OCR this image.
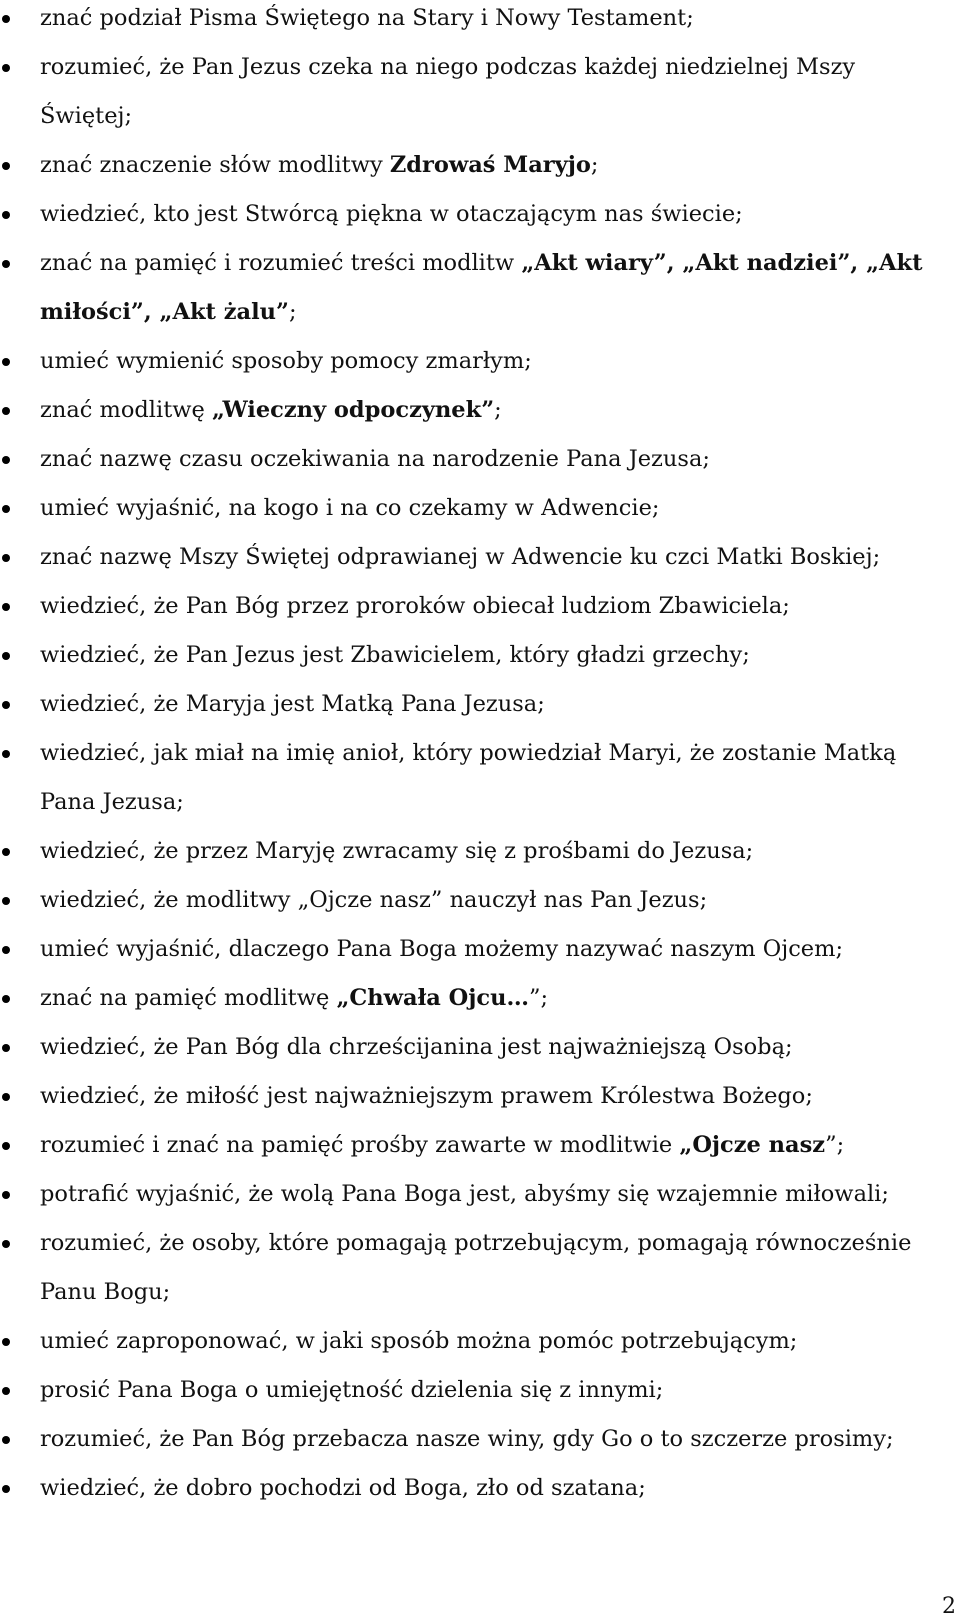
znać podział Pisma Świętego na Stary i Nowy Testament;
rozumieć, że Pan Jezus czeka na niego podczas każdej niedzielnej Mszy Świętej;
znać znaczenie słów modlitwy Zdrowaś Maryjo;
wiedzieć, kto jest Stwórcą piękna w otaczającym nas świecie;
znać na pamięć i rozumieć treści modlitw „Akt wiary”, „Akt nadziei”, „Akt miłości”, „Akt żalu”;
umieć wymienić sposoby pomocy zmarłym;
znać modlitwę „Wieczny odpoczynek”;
znać nazwę czasu oczekiwania na narodzenie Pana Jezusa;
umieć wyjaśnić, na kogo i na co czekamy w Adwencie;
znać nazwę Mszy Świętej odprawianej w Adwencie ku czci Matki Boskiej;
wiedzieć, że Pan Bóg przez proroków obiecał ludziom Zbawiciela;
wiedzieć, że Pan Jezus jest Zbawicielem, który gładzi grzechy;
wiedzieć, że Maryja jest Matką Pana Jezusa;
wiedzieć, jak miał na imię anioł, który powiedział Maryi, że zostanie Matką Pana Jezusa;
wiedzieć, że przez Maryję zwracamy się z prośbami do Jezusa;
wiedzieć, że modlitwy „Ojcze nasz” nauczył nas Pan Jezus;
umieć wyjaśnić, dlaczego Pana Boga możemy nazywać naszym Ojcem;
znać na pamięć modlitwę „Chwała Ojcu…”;
wiedzieć, że Pan Bóg dla chrześcijanina jest najważniejszą Osobą;
wiedzieć, że miłość jest najważniejszym prawem Królestwa Bożego;
rozumieć i znać na pamięć prośby zawarte w modlitwie „Ojcze nasz”;
potrafić wyjaśnić, że wolą Pana Boga jest, abyśmy się wzajemnie miłowali;
rozumieć, że osoby, które pomagają potrzebującym, pomagają równocześnie Panu Bogu;
umieć zaproponować, w jaki sposób można pomóc potrzebującym;
prosić Pana Boga o umiejętność dzielenia się z innymi;
rozumieć, że Pan Bóg przebacza nasze winy, gdy Go o to szczerze prosimy;
wiedzieć, że dobro pochodzi od Boga, zło od szatana;
2
